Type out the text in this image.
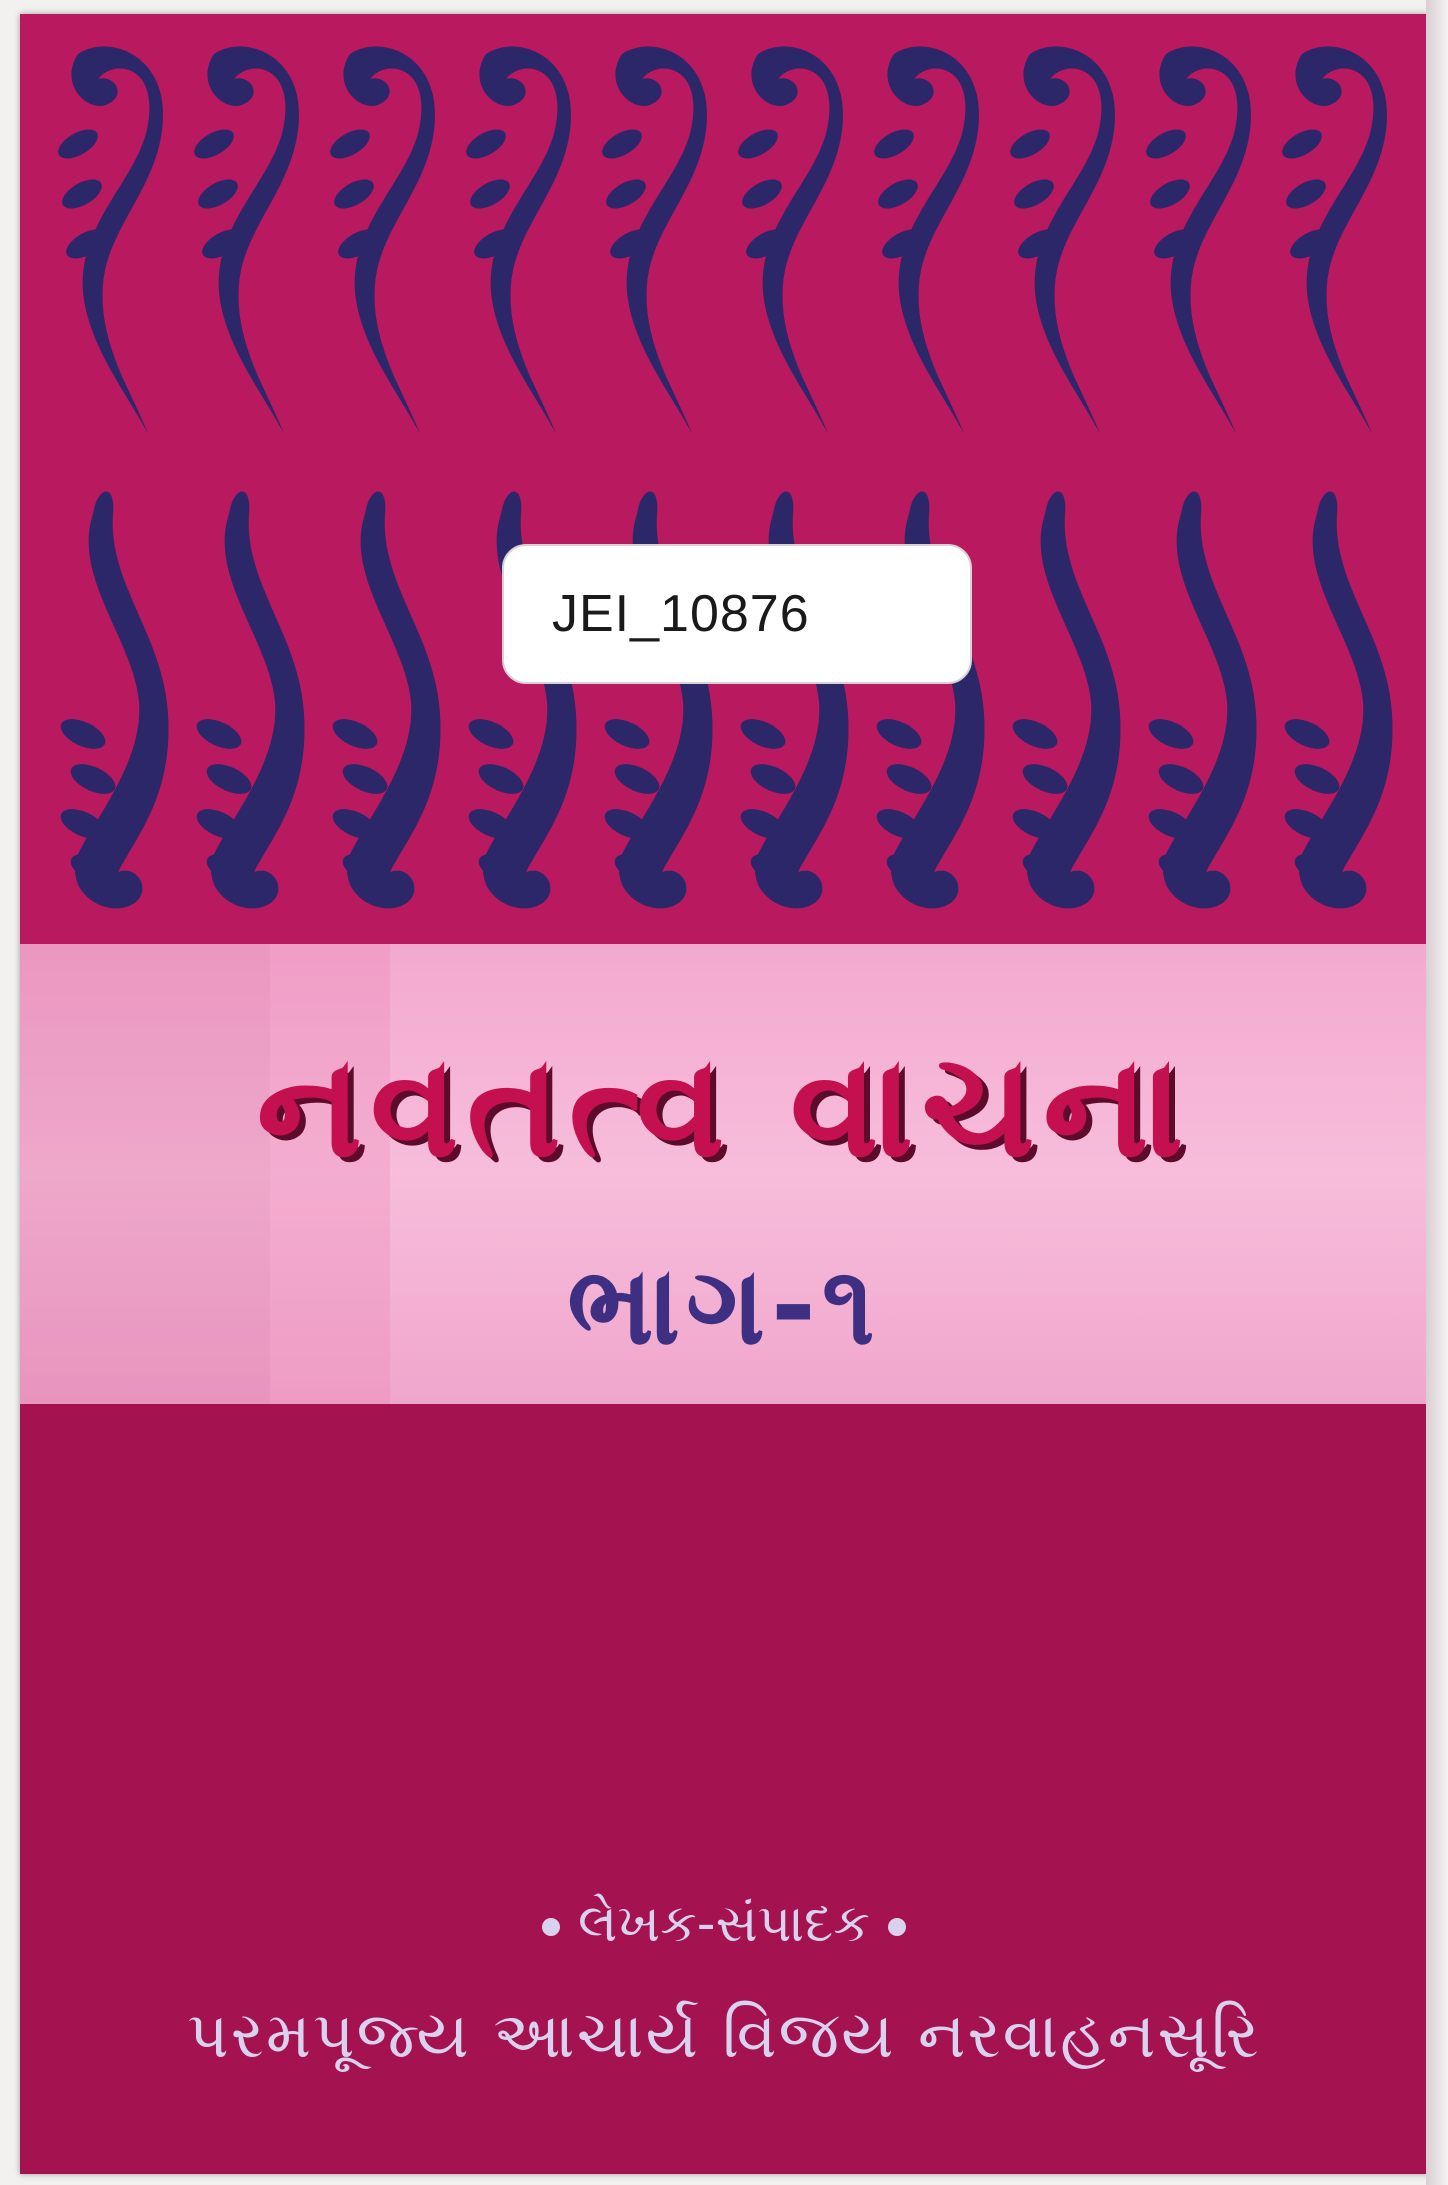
JEI_10876
નવતત્વ વાચના
ભાગ-૧
લેખક-સંપાદક
પરમપૂજ્ય આચાર્ય વિજય નરવાહનસૂરિ
